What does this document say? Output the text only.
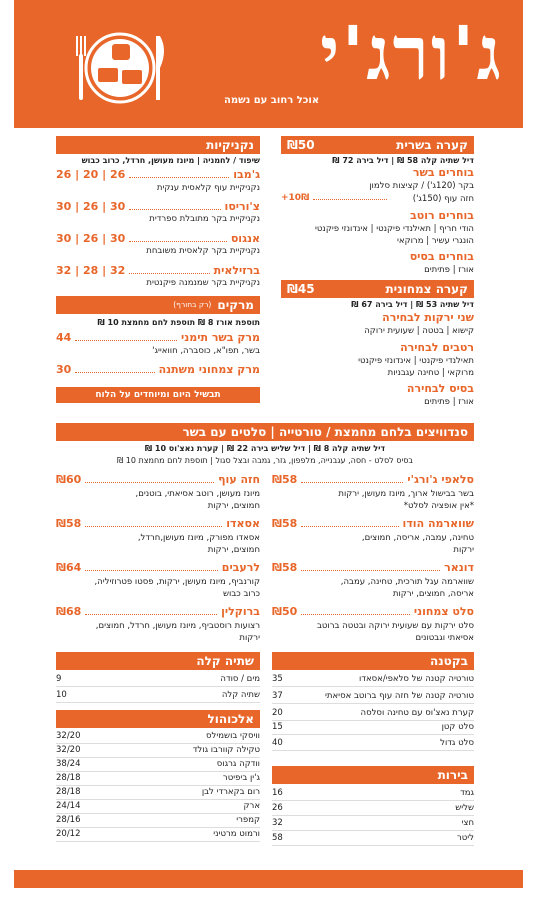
ג'ורג'י
אוכל רחוב עם נשמה
קערה בשרית
₪50
דיל שתיה קלה 58 ₪ | דיל בירה 72 ₪
בוחרים בשר
בקר (120ג') / קציצות סלמון
חזה עוף (150ג')
+10₪
בוחרים רוטב
הודי חריף | תאילנדי פיקנטי | אינדונזי פיקנטי
הונגרי עשיר | מרוקאי
בוחרים בסיס
אורז | פתיתים
קערה צמחונית
₪45
דיל שתיה 53 ₪ | דיל בירה 67 ₪
שני ירקות לבחירה
קישוא | בטטה | שעועית ירוקה
רטבים לבחירה
תאילנדי פיקנטי | אינדונזי פיקנטי
מרוקאי | טחינה עגבניות
בסיס לבחירה
אורז | פתיתים
נקניקיות
שיפוד / לחמניה | מיונז מעושן, חרדל, כרוב כבוש
ג'מבו
26 | 20 | 26
נקניקיית עוף קלאסית ענקית
צ'וריסו
30 | 26 | 30
נקניקיית בקר מתובלת ספרדית
אנגוס
30 | 26 | 30
נקניקיית בקר קלאסית משובחת
ברזילאית
32 | 28 | 32
נקניקיית בקר שמנמנה פיקנטית
מרקים
(רק בחורף)
תוספת אורז 8 ₪ תוספת לחם מחמצת 10 ₪
מרק בשר תימני
44
בשר, תפו"א, כוסברה, חוואייג'
מרק צמחוני משתנה
30
תבשיל היום ומיוחדים על הלוח
סנדוויצים בלחם מחמצת / טורטייה | סלטים עם בשר
דיל שתיה קלה 8 ₪ | דיל שליש בירה 22 ₪ | קערת נאצ'וס 10 ₪
בסיס לסלט - חסה, עגבנייה, מלפפון, גזר, גמבה ובצל סגול | תוספת לחם מחמצת 10 ₪
סלאפי ג'ורג'י
₪58
בשר בבישול ארוך, מיונז מעושן, ירקות
*אין אופציה לסלט*
שווארמה הודו
₪58
טחינה, עמבה, אריסה, חמוצים,
ירקות
דונאר
₪58
שווארמה עגל תורכית, טחינה, עמבה,
אריסה, חמוצים, ירקות
סלט צמחוני
₪50
סלט ירקות עם שעועית ירוקה ובטטה ברוטב
אסיאתי וגבטונים
חזה עוף
₪60
מיונז מעושן, רוטב אסיאתי, בוטנים,
חמוצים, ירקות
אסאדו
₪58
אסאדו מפורק, מיונז מעושן,חרדל,
חמוצים, ירקות
לרעבים
₪64
קורנביף, מיונז מעושן, ירקות, פסטו פטרוזיליה,
כרוב כבוש
ברוקלין
₪68
רצועות רוסטביף, מיונז מעושן, חרדל, חמוצים,
ירקות
בקטנה
טורטיה קטנה של סלאפי/אסאדו
35
טורטיה קטנה של חזה עוף ברוטב אסיאתי
37
קערת נאצ'וס עם טחינה וסלסה
20
סלט קטן
15
סלט גדול
40
בירות
גמד
16
שליש
26
חצי
32
ליטר
58
שתיה קלה
מים / סודה
9
שתיה קלה
10
אלכוהול
וויסקי בושמילס
32/20
טקילה קוורבו גולד
32/20
וודקה גרגוס
38/24
ג'ין ביפיטר
28/18
רום בקארדי לבן
28/18
ארק
24/14
קמפרי
28/16
ורמוט מרטיני
20/12
